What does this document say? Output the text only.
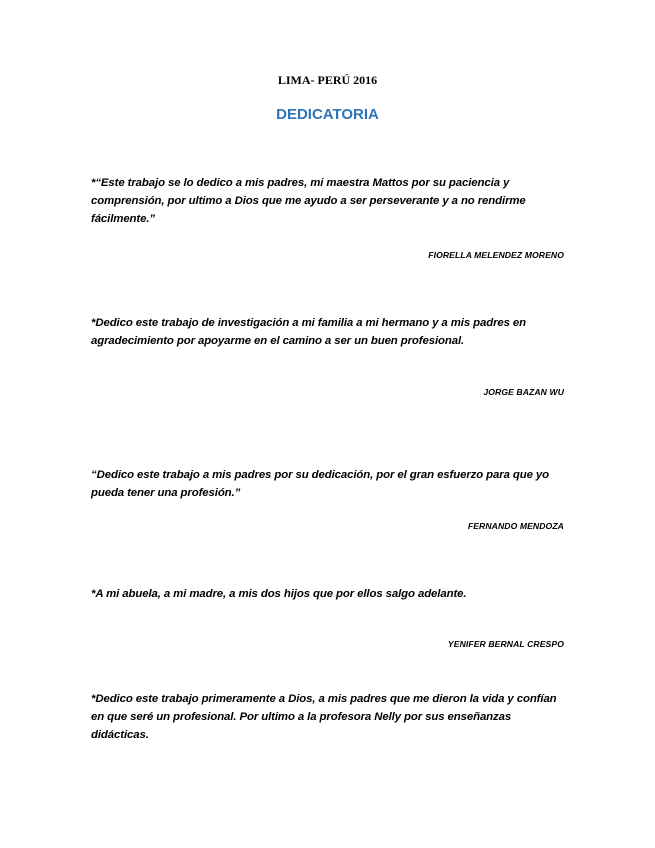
LIMA- PERÚ 2016
DEDICATORIA
*“Este trabajo se lo dedico a mis padres, mi maestra Mattos por su paciencia y comprensión, por ultimo a Dios que me ayudo a ser perseverante y a no rendirme fácilmente.”
FIORELLA MELENDEZ MORENO
*Dedico este trabajo de investigación a mi familia a mi hermano y a mis padres en agradecimiento por apoyarme en el camino a ser un buen profesional.
JORGE BAZAN WU
“Dedico este trabajo a mis padres por su dedicación, por el gran esfuerzo para que yo pueda tener una profesión.”
FERNANDO MENDOZA
*A mi abuela, a mi madre, a mis dos hijos que por ellos salgo adelante.
YENIFER BERNAL CRESPO
*Dedico este trabajo primeramente a Dios, a mis padres que me dieron la vida y confían en que seré un profesional. Por ultimo a la profesora Nelly por sus enseñanzas didácticas.
